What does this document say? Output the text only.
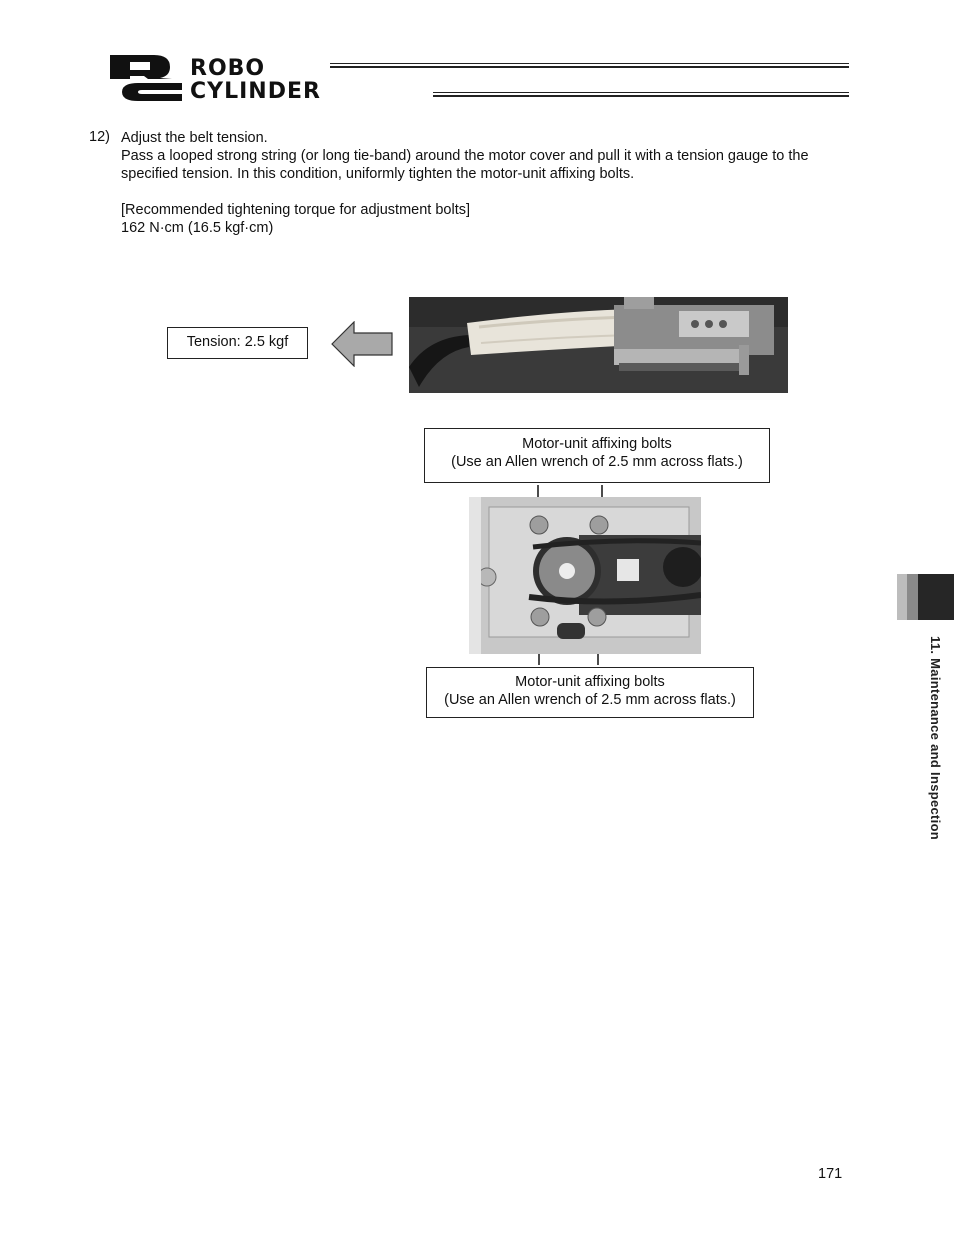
ROBO
CYLINDER
12) Adjust the belt tension.
Pass a looped strong string (or long tie-band) around the motor cover and pull it with a tension gauge to the
specified tension. In this condition, uniformly tighten the motor-unit affixing bolts.
[Recommended tightening torque for adjustment bolts]
162 N·cm (16.5 kgf·cm)
Tension: 2.5 kgf
Motor-unit affixing bolts
(Use an Allen wrench of 2.5 mm across flats.)
Motor-unit affixing bolts
(Use an Allen wrench of 2.5 mm across flats.)	11. Maintenance and Inspection
171
